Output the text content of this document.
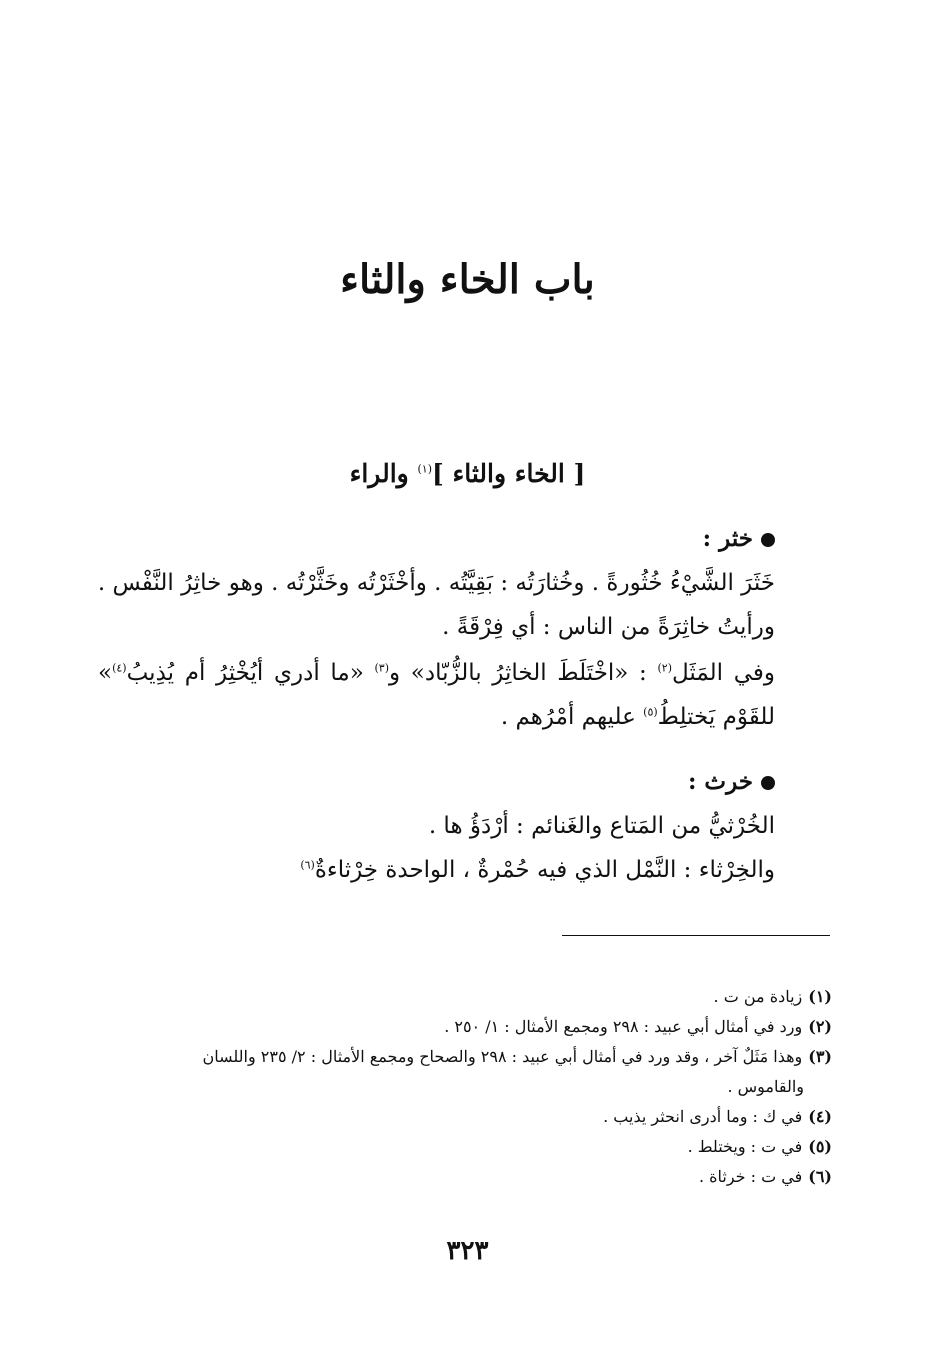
باب الخاء والثاء
[ الخاء والثاء ]$^{(١)}$ والراء

خثر :

خَثَرَ الشَّيْءُ خُثُورةً . وخُثارَتُه : بَقِيَّتُه . وأخْثَرْتُه وخَثَّرْتُه . وهو خاثِرُ النَّفْس .

ورأيتُ خاثِرَةً من الناس : أي فِرْقَةً .

وفي المَثَل$^{(٢)}$ : «اخْتَلَطَ الخاثِرُ بالزُّبّاد» و$^{(٣)}$ «ما أدري أيُخْثِرُ أم يُذِيبُ$^{(٤)}$» للقَوْم يَختلِطُ$^{(٥)}$ عليهم أمْرُهم .

خرث :

الخُرْثيُّ من المَتاع والغَنائم : أرْدَؤُ ها .

والخِرْثاء : النَّمْل الذي فيه حُمْرةٌ ، الواحدة خِرْثاءةٌ$^{(٦)}$

(١)زيادة من ت .

(٢)ورد في أمثال أبي عبيد : ٢٩٨ ومجمع الأمثال : ١/ ٢٥٠ .

(٣)وهذا مَثَلٌ آخر ، وقد ورد في أمثال أبي عبيد : ٢٩٨ والصحاح ومجمع الأمثال : ٢/ ٢٣٥ واللسان

والقاموس .

(٤)في ك : وما أدرى انحثر يذيب .

(٥)في ت : ويختلط .

(٦)في ت : خرثاة .

٣٢٣
